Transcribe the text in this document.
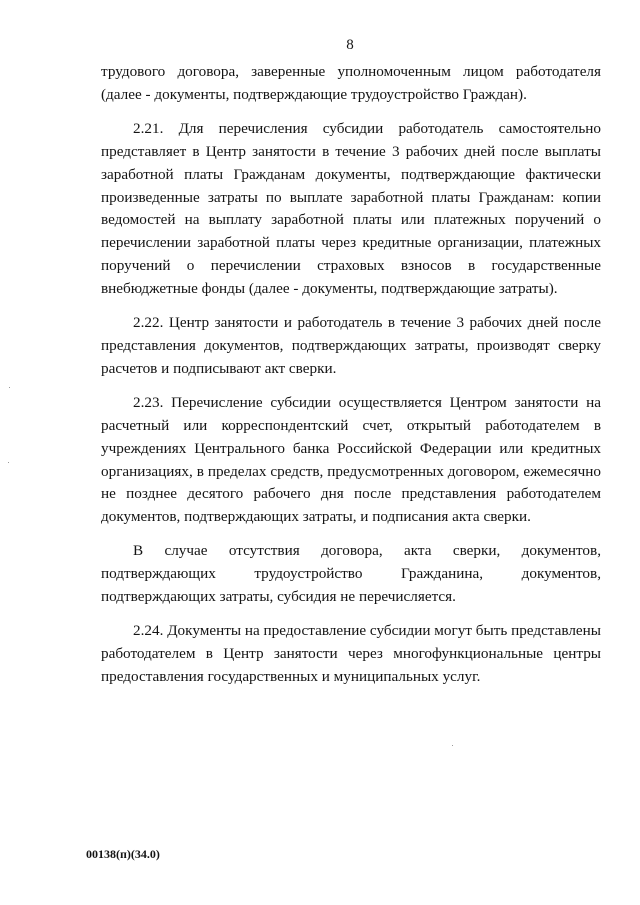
8

трудового договора, заверенные уполномоченным лицом работодателя (далее - документы, подтверждающие трудоустройство Граждан).

2.21. Для перечисления субсидии работодатель самостоятельно представляет в Центр занятости в течение 3 рабочих дней после выплаты заработной платы Гражданам документы, подтверждающие фактически произведенные затраты по выплате заработной платы Гражданам: копии ведомостей на выплату заработной платы или платежных поручений о перечислении заработной платы через кредитные организации, платежных поручений о перечислении страховых взносов в государственные внебюджетные фонды (далее - документы, подтверждающие затраты).

2.22. Центр занятости и работодатель в течение 3 рабочих дней после представления документов, подтверждающих затраты, производят сверку расчетов и подписывают акт сверки.

2.23. Перечисление субсидии осуществляется Центром занятости на расчетный или корреспондентский счет, открытый работодателем в учреждениях Центрального банка Российской Федерации или кредитных организациях, в пределах средств, предусмотренных договором, ежемесячно не позднее десятого рабочего дня после представления работодателем документов, подтверждающих затраты, и подписания акта сверки.

В случае отсутствия договора, акта сверки, документов, подтверждающих трудоустройство Гражданина, документов, подтверждающих затраты, субсидия не перечисляется.

2.24. Документы на предоставление субсидии могут быть представлены работодателем в Центр занятости через многофункциональные центры предоставления государственных и муниципальных услуг.

00138(п)(34.0)
